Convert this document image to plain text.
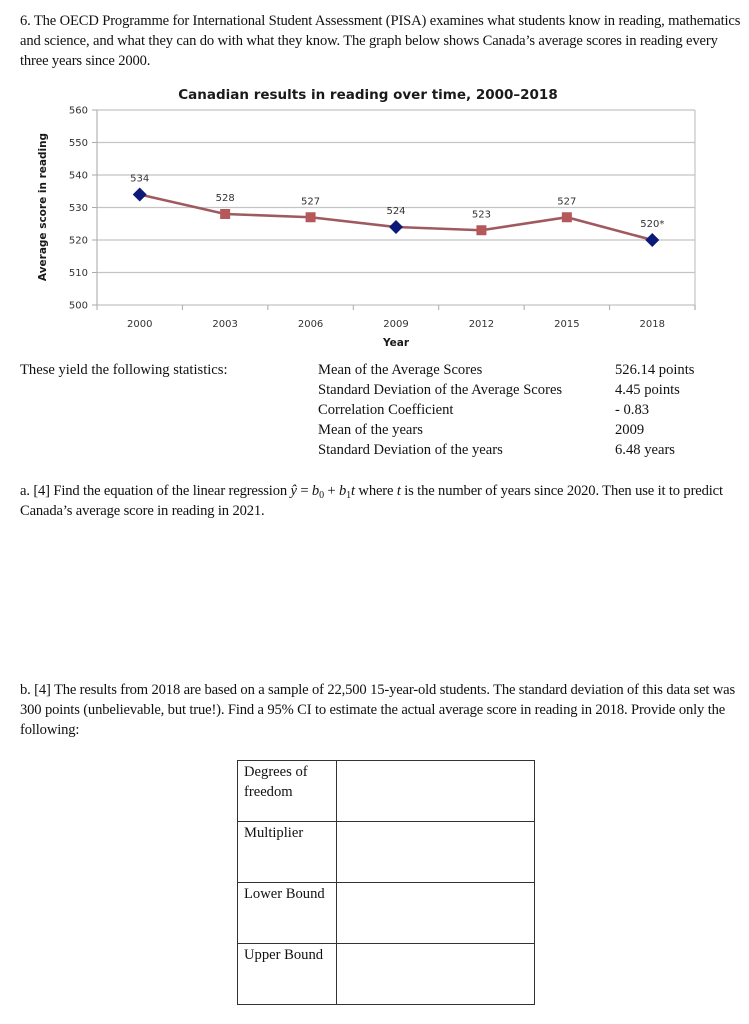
6. The OECD Programme for International Student Assessment (PISA) examines what students know in reading, mathematics and science, and what they can do with what they know. The graph below shows Canada’s average scores in reading every three years since 2000.
Canadian results in reading over time, 2000–2018
Average score in reading
Year
500
510
520
530
540
550
560
2000	2003	2006	2009	2012	2015	2018
534
528	527
524	523
527
520*
These yield the following statistics:	Mean of the Average Scores	526.14 points
Standard Deviation of the Average Scores	4.45 points
Correlation Coefficient	- 0.83
Mean of the years	2009
Standard Deviation of the years	6.48 years
a. [4] Find the equation of the linear regression ŷ = $b_0 + b_1t$ where t is the number of years since 2020. Then use it to predict Canada’s average score in reading in 2021.
b. [4] The results from 2018 are based on a sample of 22,500 15-year-old students. The standard deviation of this data set was 300 points (unbelievable, but true!). Find a 95% CI to estimate the actual average score in reading in 2018. Provide only the following:
Degrees of freedom	
Multiplier	
Lower Bound	
Upper Bound	
